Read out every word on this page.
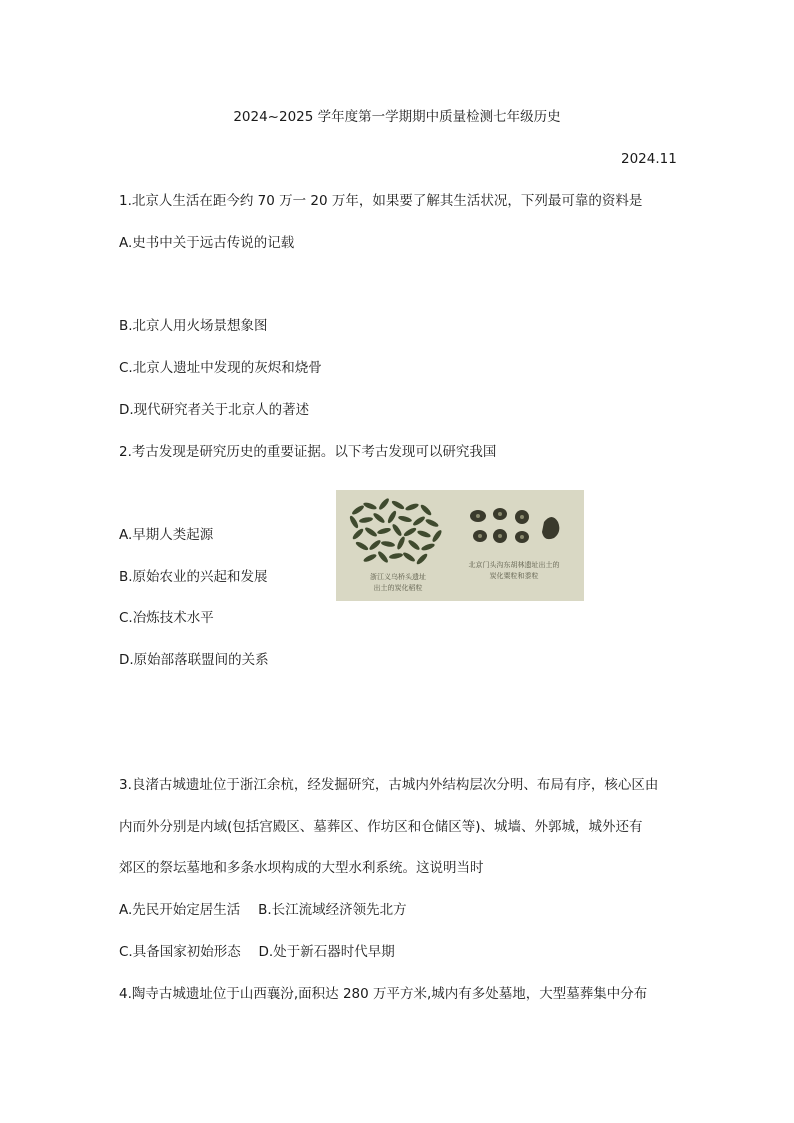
2024~2025 学年度第一学期期中质量检测七年级历史
2024.11
1.北京人生活在距今约 70 万一 20 万年，如果要了解其生活状况，下列最可靠的资料是
A.史书中关于远古传说的记载
B.北京人用火场景想象图
C.北京人遗址中发现的灰烬和烧骨
D.现代研究者关于北京人的著述
2.考古发现是研究历史的重要证据。以下考古发现可以研究我国
浙江义乌桥头遗址
出土的炭化稻粒
北京门头沟东胡林遗址出土的
炭化粟粒和黍粒
A.早期人类起源
B.原始农业的兴起和发展
C.冶炼技术水平
D.原始部落联盟间的关系
3.良渚古城遗址位于浙江余杭，经发掘研究，古城内外结构层次分明、布局有序，核心区由
内而外分别是内域(包括宫殿区、墓葬区、作坊区和仓储区等)、城墙、外郭城，城外还有
郊区的祭坛墓地和多条水坝构成的大型水利系统。这说明当时
A.先民开始定居生活　 B.长江流域经济领先北方
C.具备国家初始形态　 D.处于新石器时代早期
4.陶寺古城遗址位于山西襄汾,面积达 280 万平方米,城内有多处墓地，大型墓葬集中分布
